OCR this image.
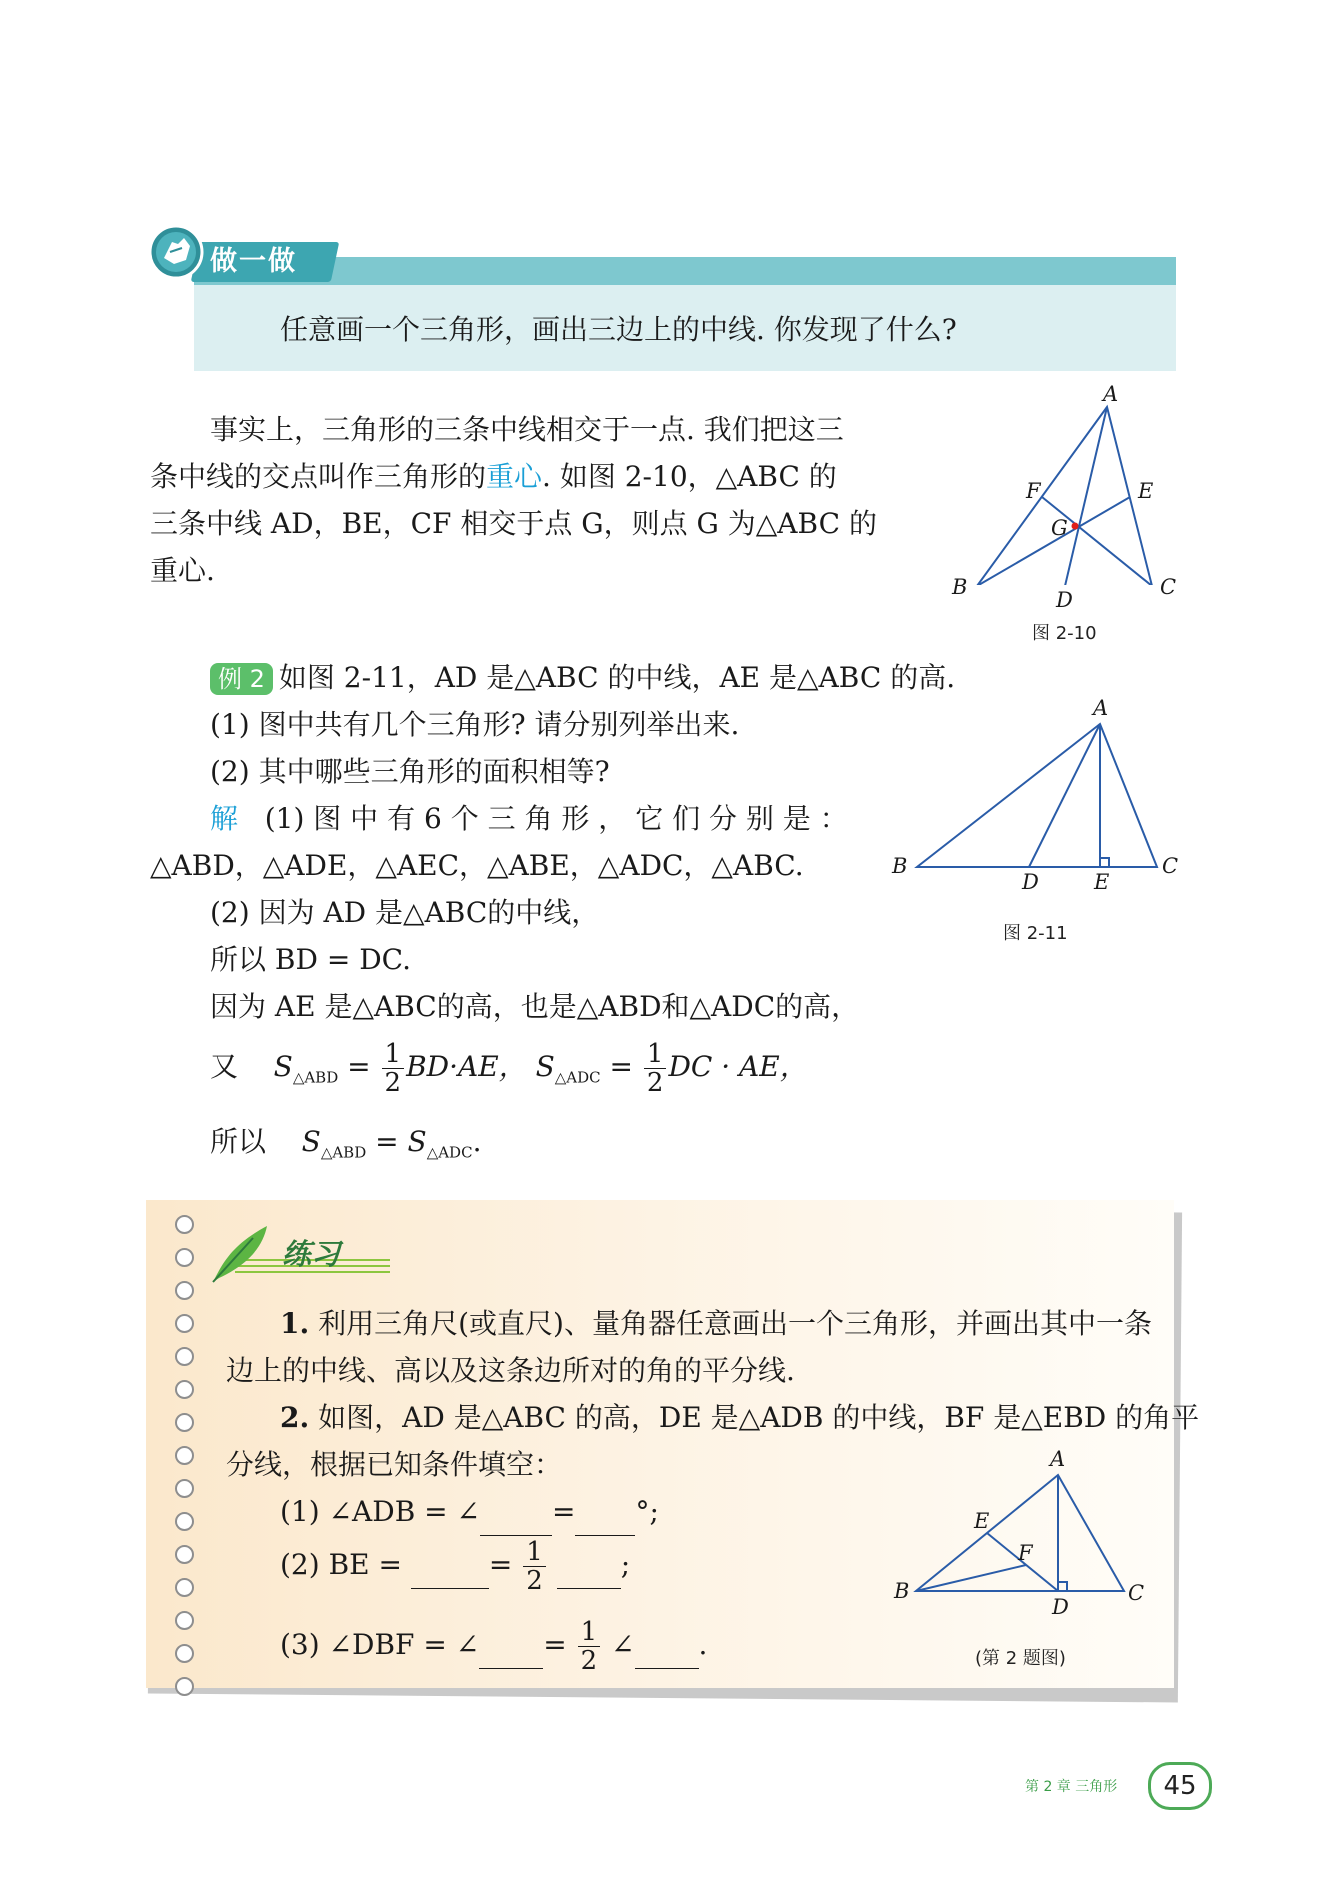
做一做
任意画一个三角形，画出三边上的中线. 你发现了什么?
事实上，三角形的三条中线相交于一点. 我们把这三
条中线的交点叫作三角形的重心. 如图 2-10，△ABC 的
三条中线 AD，BE，CF 相交于点 G，则点 G 为△ABC 的
重心.
A
B	C
D
E
F
G
图 2-10
例 2 如图 2-11，AD 是△ABC 的中线，AE 是△ABC 的高.
(1) 图中共有几个三角形? 请分别列举出来.
(2) 其中哪些三角形的面积相等?
解 (1) 图 中 有 6 个 三 角 形 ， 它 们 分 别 是 ：
△ABD，△ADE，△AEC，△ABE，△ADC，△ABC.
(2) 因为 AD 是△ABC的中线，
所以 BD = DC.
因为 AE 是△ABC的高，也是△ABD和△ADC的高，
又 $S_{\triangle ABD} = \frac{1}{2} BD\cdot AE$， $S_{\triangle ADC} = \frac{1}{2}$ DC · AE，
所以 $S_{\triangle ABD} = S_{\triangle ADC}$.
A
B	C
D	E
图 2-11
练习
1. 利用三角尺(或直尺)、量角器任意画出一个三角形，并画出其中一条
边上的中线、高以及这条边所对的角的平分线.
2. 如图，AD 是△ABC 的高，DE 是△ADB 的中线，BF 是△EBD 的角平
分线，根据已知条件填空：
(1) ∠ADB = ∠	= °;
(2) BE =	= $\frac{1}{2}$	;
(3) ∠DBF = ∠ = $\frac{1}{2}$ ∠ .
A
B	C
D
E
F
(第 2 题图)
第 2 章 三角形	45
